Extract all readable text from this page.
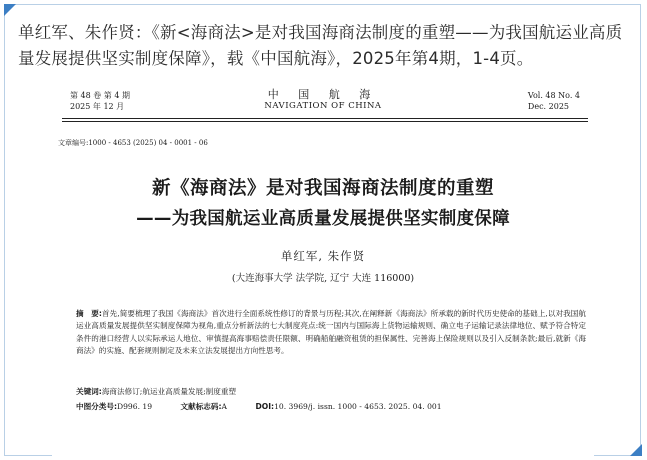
单红军、朱作贤：《新<海商法>是对我国海商法制度的重塑——为我国航运业高质量发展提供坚实制度保障》，载《中国航海》，2025年第4期，1-4页。
第 48 卷 第 4 期
2025 年 12 月
中 国 航 海
NAVIGATION OF CHINA
Vol. 48 No. 4
Dec. 2025
文章编号:1000 - 4653 (2025) 04 - 0001 - 06
新《海商法》是对我国海商法制度的重塑
——为我国航运业高质量发展提供坚实制度保障
单红军, 朱作贤
(大连海事大学 法学院, 辽宁 大连 116000)
摘　要:首先,简要梳理了我国《海商法》首次进行全面系统性修订的背景与历程;其次,在阐释新《海商法》所承载的新时代历史使命的基础上,以对我国航运业高质量发展提供坚实制度保障为视角,重点分析新法的七大制度亮点:统一国内与国际海上货物运输规则、确立电子运输记录法律地位、赋予符合特定条件的港口经营人以实际承运人地位、审慎提高海事赔偿责任限额、明确船舶融资租赁的担保属性、完善海上保险规则以及引入反制条款;最后,就新《海商法》的实施、配套规则制定及未来立法发展提出方向性思考。
关键词:海商法修订;航运业高质量发展;制度重塑
中图分类号:D996. 19	文献标志码:A	DOI:10. 3969/j. issn. 1000 - 4653. 2025. 04. 001
